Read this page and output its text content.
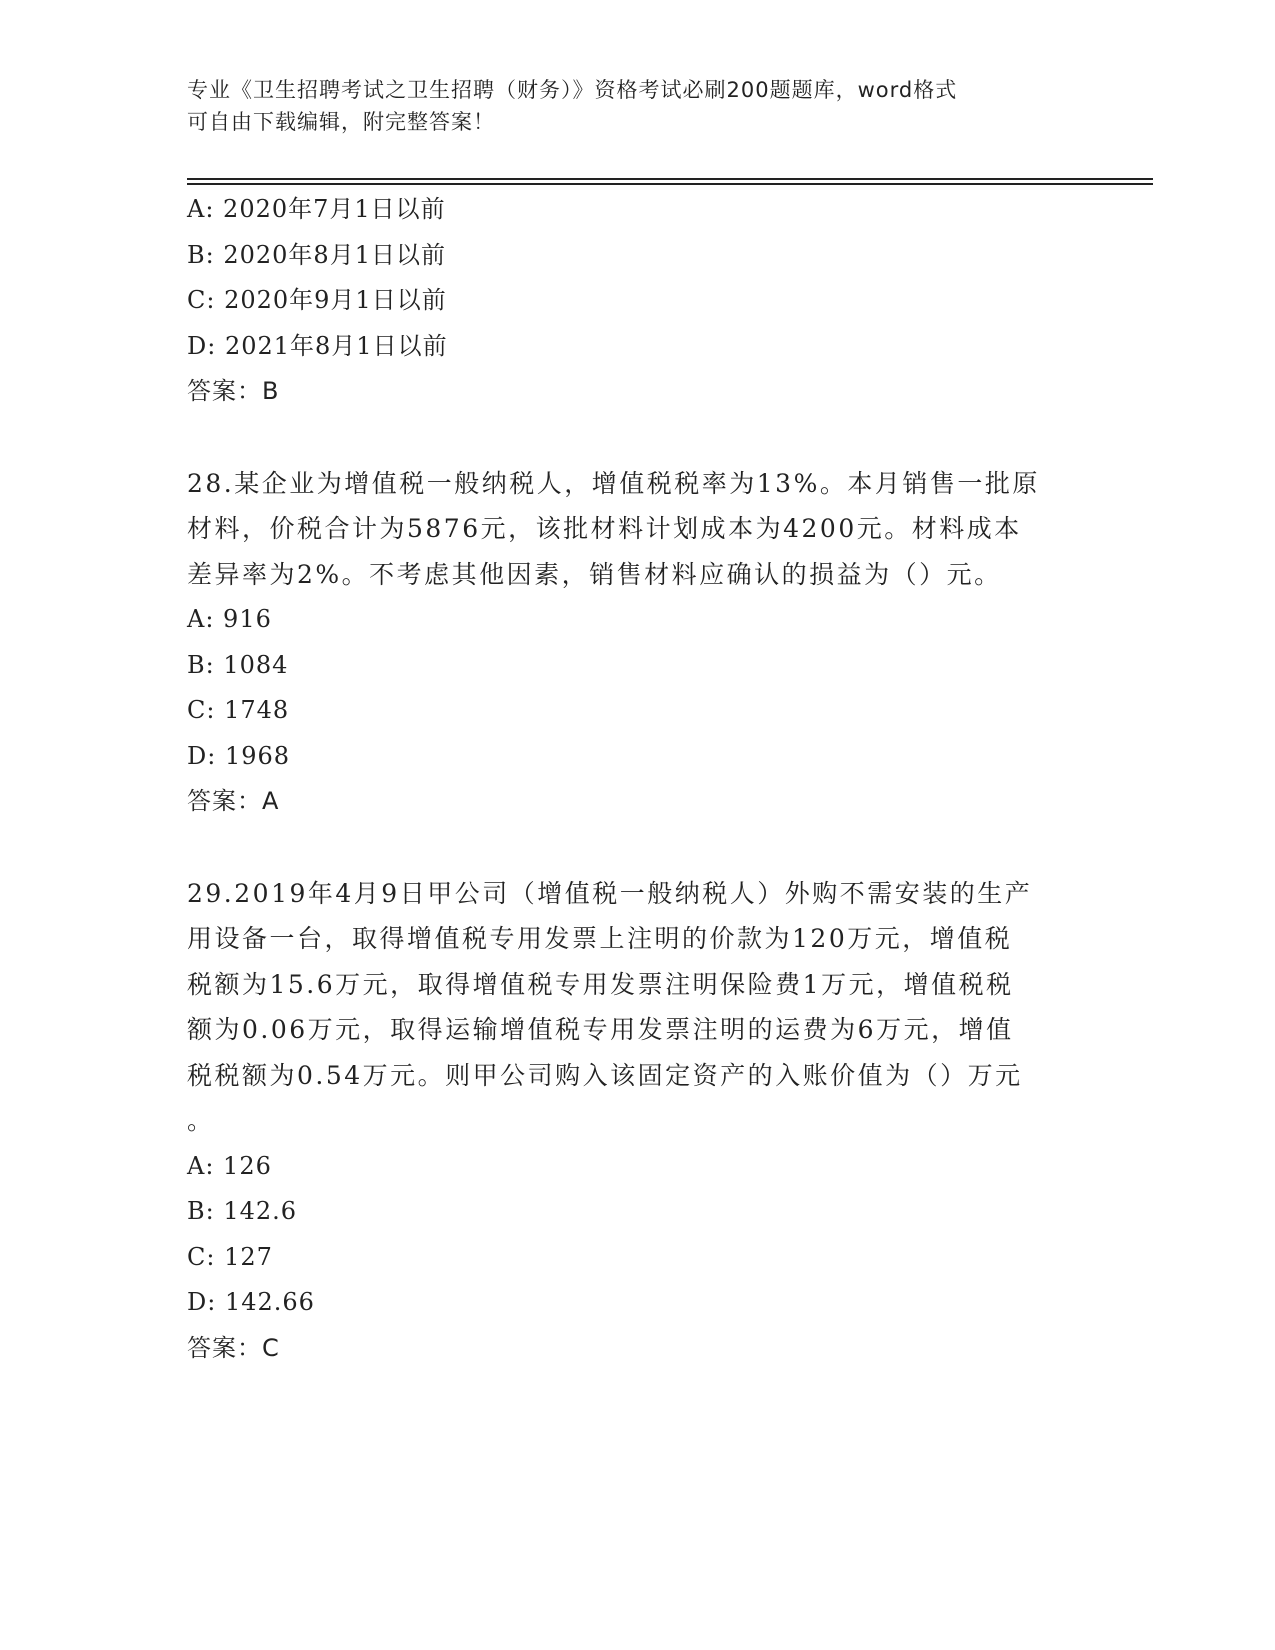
专业《卫生招聘考试之卫生招聘（财务）》资格考试必刷200题题库，word格式
可自由下载编辑，附完整答案！
A: 2020年7月1日以前
B: 2020年8月1日以前
C: 2020年9月1日以前
D: 2021年8月1日以前
答案：B
28.某企业为增值税一般纳税人，增值税税率为13%。本月销售一批原
材料，价税合计为5876元，该批材料计划成本为4200元。材料成本
差异率为2%。不考虑其他因素，销售材料应确认的损益为（）元。
A: 916
B: 1084
C: 1748
D: 1968
答案：A
29.2019年4月9日甲公司（增值税一般纳税人）外购不需安装的生产
用设备一台，取得增值税专用发票上注明的价款为120万元，增值税
税额为15.6万元，取得增值税专用发票注明保险费1万元，增值税税
额为0.06万元，取得运输增值税专用发票注明的运费为6万元，增值
税税额为0.54万元。则甲公司购入该固定资产的入账价值为（）万元
。
A: 126
B: 142.6
C: 127
D: 142.66
答案：C
